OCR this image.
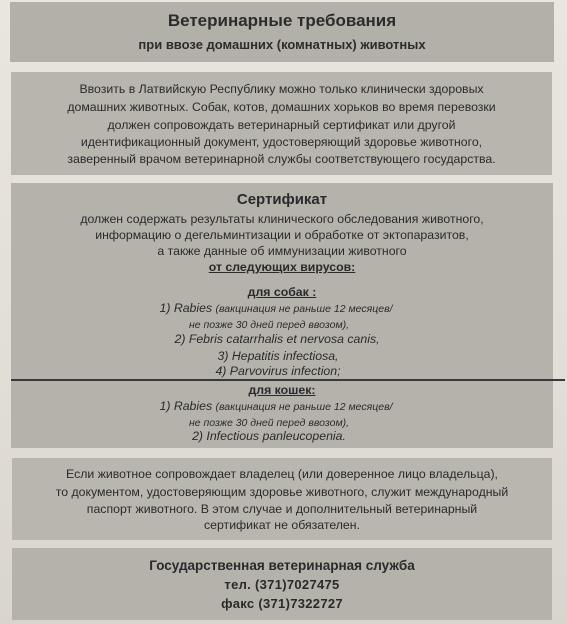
Ветеринарные требования
при ввозе домашних (комнатных) животных
Ввозить в Латвийскую Республику можно только клинически здоровых
домашних животных. Собак, котов, домашних хорьков во время перевозки
должен сопровождать ветеринарный сертификат или другой
идентификационный документ, удостоверяющий здоровье животного,
заверенный врачом ветеринарной службы соответствующего государства.
Сертификат
должен содержать результаты клинического обследования животного,
информацию о дегельминтизации и обработке от эктопаразитов,
а также данные об иммунизации животного
от следующих вирусов:
для собак :
1) Rabies (вакцинация не раньше 12 месяцев/
не позже 30 дней перед ввозом),
2) Febris catarrhalis et nervosa canis,
3) Hepatitis infectiosa,
4) Parvovirus infection;
для кошек:
1) Rabies (вакцинация не раньше 12 месяцев/
не позже 30 дней перед ввозом),
2) Infectious panleucopenia.
Если животное сопровождает владелец (или доверенное лицо владельца),
то документом, удостоверяющим здоровье животного, служит международный
паспорт животного. В этом случае и дополнительный ветеринарный
сертификат не обязателен.
Государственная ветеринарная служба
тел. (371)7027475
факс (371)7322727
